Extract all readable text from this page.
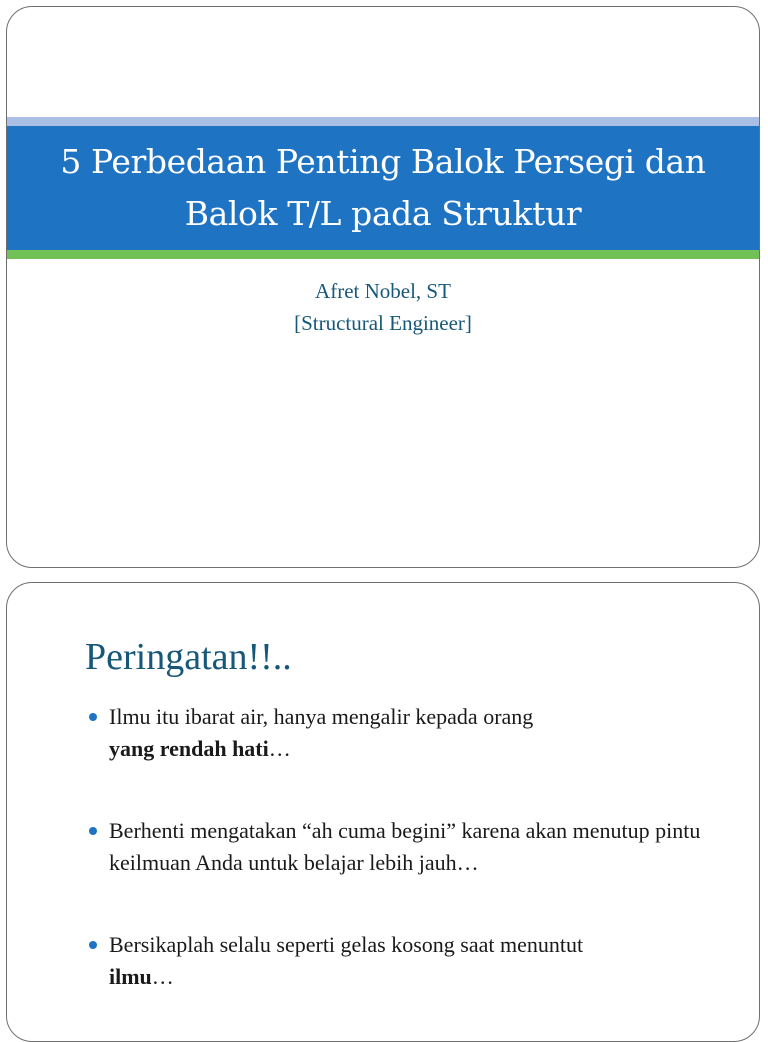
5 Perbedaan Penting Balok Persegi dan
Balok T/L pada Struktur
Afret Nobel, ST
[Structural Engineer]
Peringatan!!..
Ilmu itu ibarat air, hanya mengalir kepada orang
yang rendah hati…
Berhenti mengatakan “ah cuma begini” karena akan menutup pintu keilmuan Anda untuk belajar lebih jauh…
Bersikaplah selalu seperti gelas kosong saat menuntut
ilmu…
